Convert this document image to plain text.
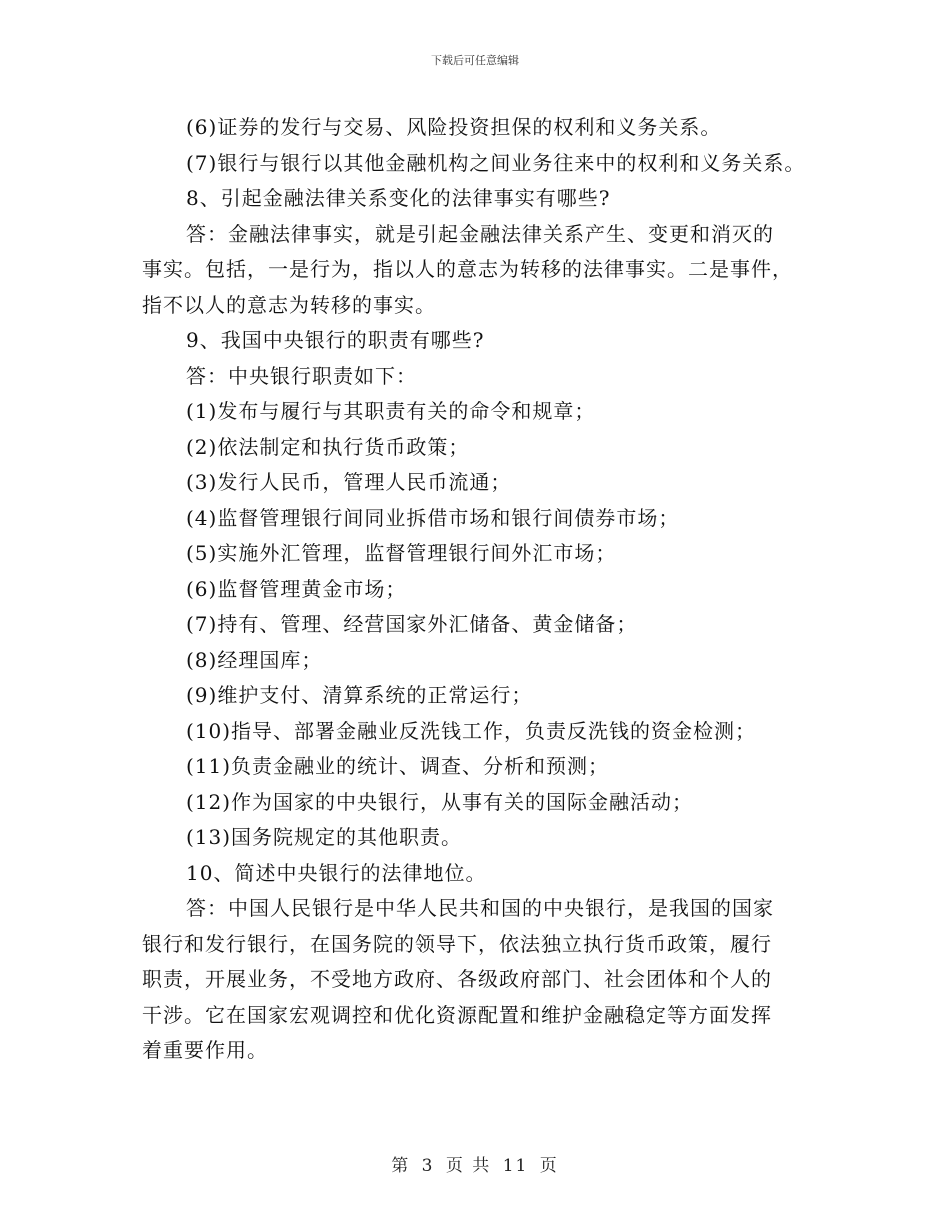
下载后可任意编辑
(6)证券的发行与交易、风险投资担保的权利和义务关系。
(7)银行与银行以其他金融机构之间业务往来中的权利和义务关系。
8、引起金融法律关系变化的法律事实有哪些?
答：金融法律事实，就是引起金融法律关系产生、变更和消灭的
事实。包括，一是行为，指以人的意志为转移的法律事实。二是事件，
指不以人的意志为转移的事实。
9、我国中央银行的职责有哪些?
答：中央银行职责如下：
(1)发布与履行与其职责有关的命令和规章；
(2)依法制定和执行货币政策；
(3)发行人民币，管理人民币流通；
(4)监督管理银行间同业拆借市场和银行间债券市场；
(5)实施外汇管理，监督管理银行间外汇市场；
(6)监督管理黄金市场；
(7)持有、管理、经营国家外汇储备、黄金储备；
(8)经理国库；
(9)维护支付、清算系统的正常运行；
(10)指导、部署金融业反洗钱工作，负责反洗钱的资金检测；
(11)负责金融业的统计、调查、分析和预测；
(12)作为国家的中央银行，从事有关的国际金融活动；
(13)国务院规定的其他职责。
10、简述中央银行的法律地位。
答：中国人民银行是中华人民共和国的中央银行，是我国的国家
银行和发行银行，在国务院的领导下，依法独立执行货币政策，履行
职责，开展业务，不受地方政府、各级政府部门、社会团体和个人的
干涉。它在国家宏观调控和优化资源配置和维护金融稳定等方面发挥
着重要作用。
第 3 页 共 11 页
